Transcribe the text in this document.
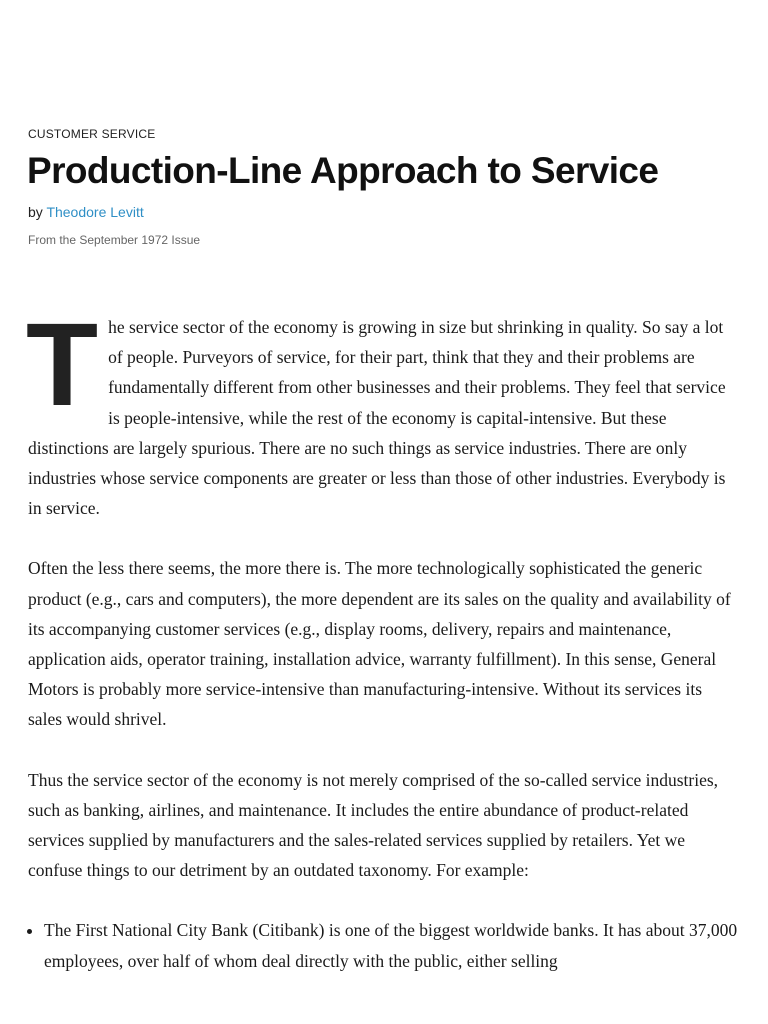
CUSTOMER SERVICE
Production-Line Approach to Service
by Theodore Levitt
From the September 1972 Issue

The service sector of the economy is growing in size but shrinking in quality. So say a lot of people. Purveyors of service, for their part, think that they and their problems are fundamentally different from other businesses and their problems. They feel that service is people-intensive, while the rest of the economy is capital-intensive. But these distinctions are largely spurious. There are no such things as service industries. There are only industries whose service components are greater or less than those of other industries. Everybody is in service.

Often the less there seems, the more there is. The more technologically sophisticated the generic product (e.g., cars and computers), the more dependent are its sales on the quality and availability of its accompanying customer services (e.g., display rooms, delivery, repairs and maintenance, application aids, operator training, installation advice, warranty fulfillment). In this sense, General Motors is probably more service-intensive than manufacturing-intensive. Without its services its sales would shrivel.

Thus the service sector of the economy is not merely comprised of the so-called service industries, such as banking, airlines, and maintenance. It includes the entire abundance of product-related services supplied by manufacturers and the sales-related services supplied by retailers. Yet we confuse things to our detriment by an outdated taxonomy. For example:

• The First National City Bank (Citibank) is one of the biggest worldwide banks. It has about 37,000 employees, over half of whom deal directly with the public, either selling
